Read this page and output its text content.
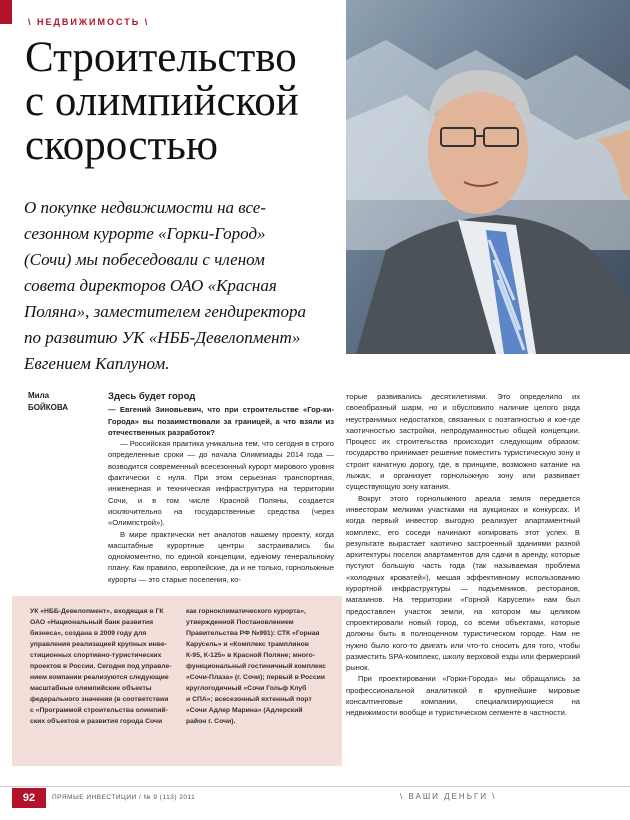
\ НЕДВИЖИМОСТЬ \
Строительство
с олимпийской
скоростью
О покупке недвижимости на все-
сезонном курорте «Горки-Город»
(Сочи) мы побеседовали с членом
совета директоров ОАО «Красная
Поляна», заместителем гендиректора
по развитию УК «НББ-Девелопмент»
Евгением Каплуном.
Мила
БОЙКОВА

Здесь будет город

— Евгений Зиновьевич, что при строительстве «Гор-ки-Города» вы позаимствовали за границей, а что взяли из отечественных разработок?

— Российская практика уникальна тем, что сегодня в строго определенные сроки — до начала Олимпиады 2014 года — возводится современный всесезонный курорт мирового уровня фактически с нуля. При этом серьезная транспортная, инженерная и техническая инфраструктура на территории Сочи, и в том числе Красной Поляны, создается исключительно на государственные средства (через «Олимпстрой»).

В мире практически нет аналогов нашему проекту, когда масштабные курортные центры застраивались бы одномоментно, по единой концепции, единому генеральному плану. Как правило, европейские, да и не только, горнолыжные курорты — это старые поселения, ко-

торые развивались десятилетиями. Это определило их своеобразный шарм, но и обусловило наличие целого ряда неустранимых недостатков, связанных с поэтапностью и кое-где хаотичностью застройки, непродуманностью общей концепции. Процесс их строительства происходит следующим образом: государство принимает решение поместить туристическую зону и строит канатную дорогу, где, в принципе, возможно катание на лыжах, и организует горнолыжную зону или развивает существующую зону катания.

Вокруг этого горнолыжного ареала земля передается инвесторам мелкими участками на аукционах и конкурсах. И когда первый инвестор выгодно реализует апартаментный комплекс, его соседи начинают копировать этот успех. В результате вырастает хаотично застроенный зданиями разной архитектуры поселок апартаментов для сдачи в аренду, которые пустуют большую часть года (так называемая проблема «холодных кроватей»), мешая эффективному использованию курортной инфраструктуры — подъемников, ресторанов, магазинов. На территории «Горной Карусели» нам был предоставлен участок земли, на котором мы целиком спроектировали новый город, со всеми объектами, которые должны быть в полноценном туристическом городе. Нам не нужно было кого-то двигать или что-то сносить для того, чтобы разместить SPA-комплекс, школу верховой езды или фермерский рынок.

При проектировании «Горки-Города» мы обращались за профессиональной аналитикой в крупнейшие мировые консалтинговые компании, специализирующиеся на недвижимости вообще и туристическом сегменте в частности.

УК «НББ-Девелопмент», входящая в ГК
ОАО «Национальный банк развития
бизнеса», создана в 2009 году для
управления реализацией крупных инве-
стиционных спортивно-туристических
проектов в России. Сегодня под управле-
нием компании реализуются следующие
масштабные олимпийские объекты
федерального значения (в соответствии
с «Программой строительства олимпий-
ских объектов и развития города Сочи
как горноклиматического курорта»,
утвержденной Постановлением
Правительства РФ №991): СТК «Горная
Карусель» и «Комплекс трамплинов
К-95, К-125» в Красной Поляне; много-
функциональный гостиничный комплекс
«Сочи-Плаза» (г. Сочи); первый в России
круглогодичный «Сочи Гольф Клуб
и СПА»; всесезонный яхтенный порт
«Сочи Адлер Марина» (Адлерский
район г. Сочи).
92	ПРЯМЫЕ ИНВЕСТИЦИИ / № 9 (113) 2011	\ ВАШИ ДЕНЬГИ \
